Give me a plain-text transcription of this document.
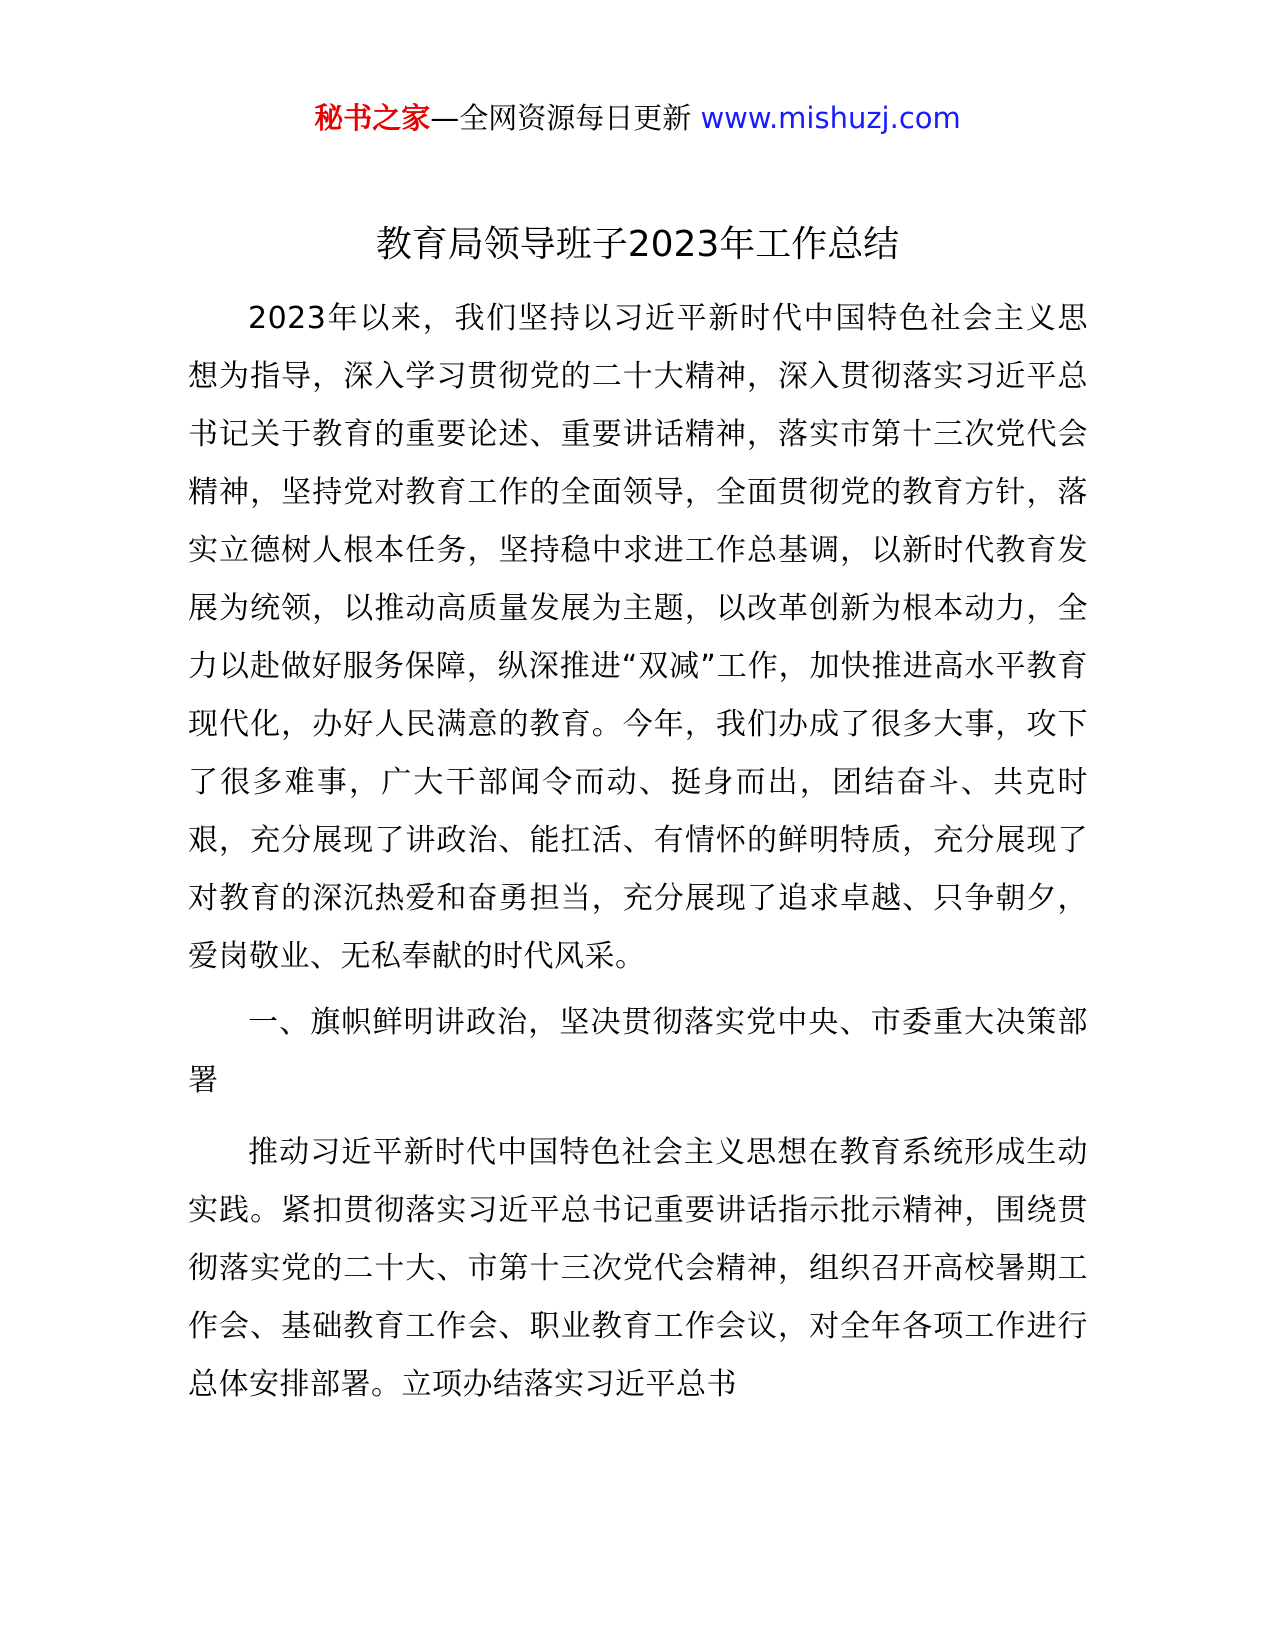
秘书之家—全网资源每日更新 www.mishuzj.com
教育局领导班子2023年工作总结

2023年以来，我们坚持以习近平新时代中国特色社会主义思想为指导，深入学习贯彻党的二十大精神，深入贯彻落实习近平总书记关于教育的重要论述、重要讲话精神，落实市第十三次党代会精神，坚持党对教育工作的全面领导，全面贯彻党的教育方针，落实立德树人根本任务，坚持稳中求进工作总基调，以新时代教育发展为统领，以推动高质量发展为主题，以改革创新为根本动力，全力以赴做好服务保障，纵深推进“双减”工作，加快推进高水平教育现代化，办好人民满意的教育。今年，我们办成了很多大事，攻下了很多难事，广大干部闻令而动、挺身而出，团结奋斗、共克时艰，充分展现了讲政治、能扛活、有情怀的鲜明特质，充分展现了对教育的深沉热爱和奋勇担当，充分展现了追求卓越、只争朝夕，爱岗敬业、无私奉献的时代风采。

一、旗帜鲜明讲政治，坚决贯彻落实党中央、市委重大决策部署

推动习近平新时代中国特色社会主义思想在教育系统形成生动实践。紧扣贯彻落实习近平总书记重要讲话指示批示精神，围绕贯彻落实党的二十大、市第十三次党代会精神，组织召开高校暑期工作会、基础教育工作会、职业教育工作会议，对全年各项工作进行总体安排部署。立项办结落实习近平总书
